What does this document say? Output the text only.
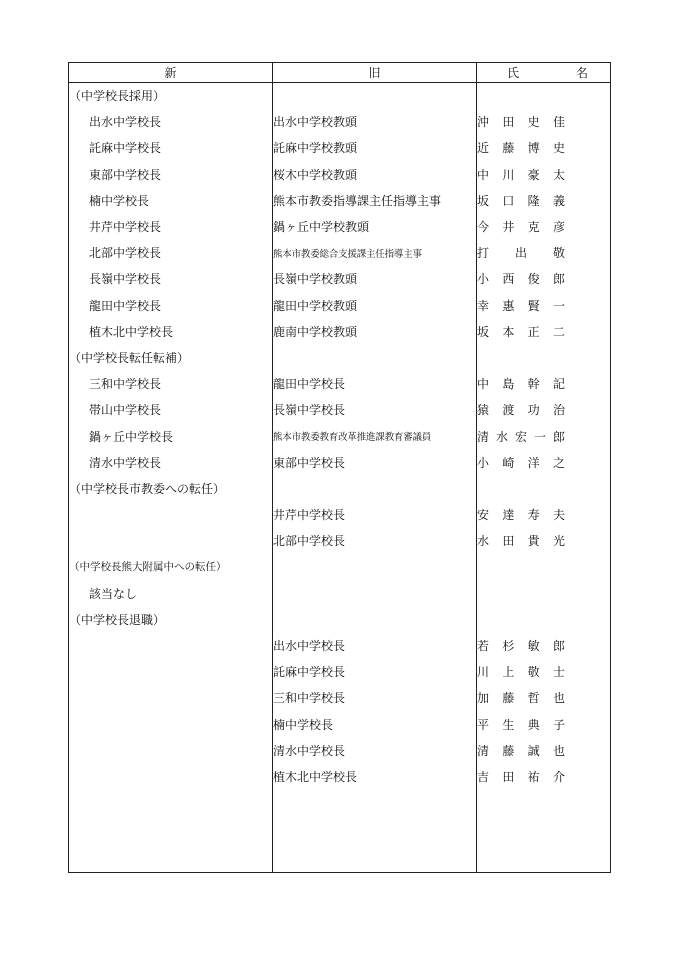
新	旧	氏 名

（中学校長採用）		

出水中学校長	出水中学校教頭	沖 田 史 佳

託麻中学校長	託麻中学校教頭	近 藤 博 史

東部中学校長	桜木中学校教頭	中 川 豪 太

楠中学校長	熊本市教委指導課主任指導主事	坂 口 隆 義

井芹中学校長	鍋ヶ丘中学校教頭	今 井 克 彦

北部中学校長	熊本市教委総合支援課主任指導主事	打 出 敬

長嶺中学校長	長嶺中学校教頭	小 西 俊 郎

龍田中学校長	龍田中学校教頭	幸 惠 賢 一

植木北中学校長	鹿南中学校教頭	坂 本 正 二

（中学校長転任転補）		

三和中学校長	龍田中学校長	中 島 幹 記

帯山中学校長	長嶺中学校長	猿 渡 功 治

鍋ヶ丘中学校長	熊本市教委教育改革推進課教育審議員	清 水 宏 一 郎

清水中学校長	東部中学校長	小 崎 洋 之

（中学校長市教委への転任）		

	井芹中学校長	安 達 寿 夫

	北部中学校長	水 田 貴 光

（中学校長熊大附属中への転任）		

該当なし		

（中学校長退職）		

	出水中学校長	若 杉 敏 郎

	託麻中学校長	川 上 敬 士

	三和中学校長	加 藤 哲 也

	楠中学校長	平 生 典 子

	清水中学校長	清 藤 誠 也

	植木北中学校長	吉 田 祐 介
